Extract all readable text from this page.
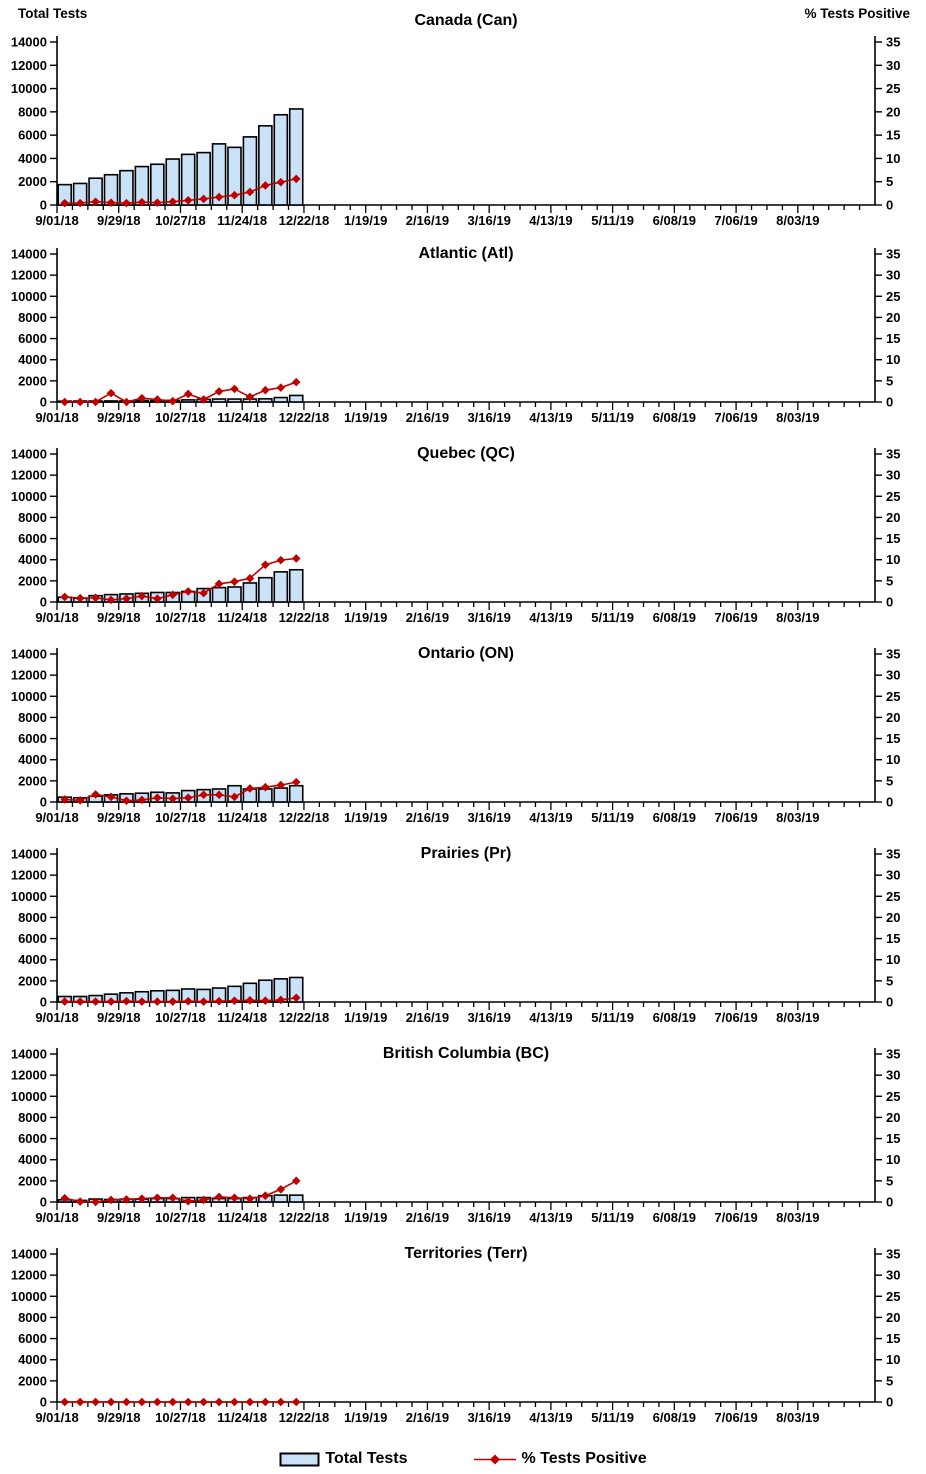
Canada (Can)
Total Tests	% Tests Positive
0
2000
4000
6000
8000
10000
12000
14000
0
5
10
15
20
25
30
35
9/01/18 9/29/18 10/27/18 11/24/18 12/22/18 1/19/19 2/16/19 3/16/19 4/13/19 5/11/19 6/08/19 7/06/19 8/03/19
Atlantic (Atl)
0
2000
4000
6000
8000
10000
12000
14000
0
5
10
15
20
25
30
35
9/01/18 9/29/18 10/27/18 11/24/18 12/22/18 1/19/19 2/16/19 3/16/19 4/13/19 5/11/19 6/08/19 7/06/19 8/03/19
Quebec (QC)
0
2000
4000
6000
8000
10000
12000
14000
0
5
10
15
20
25
30
35
9/01/18 9/29/18 10/27/18 11/24/18 12/22/18 1/19/19 2/16/19 3/16/19 4/13/19 5/11/19 6/08/19 7/06/19 8/03/19
Ontario (ON)
0
2000
4000
6000
8000
10000
12000
14000
0
5
10
15
20
25
30
35
9/01/18 9/29/18 10/27/18 11/24/18 12/22/18 1/19/19 2/16/19 3/16/19 4/13/19 5/11/19 6/08/19 7/06/19 8/03/19
Prairies (Pr)
0
2000
4000
6000
8000
10000
12000
14000
0
5
10
15
20
25
30
35
9/01/18 9/29/18 10/27/18 11/24/18 12/22/18 1/19/19 2/16/19 3/16/19 4/13/19 5/11/19 6/08/19 7/06/19 8/03/19
British Columbia (BC)
0
2000
4000
6000
8000
10000
12000
14000
0
5
10
15
20
25
30
35
9/01/18 9/29/18 10/27/18 11/24/18 12/22/18 1/19/19 2/16/19 3/16/19 4/13/19 5/11/19 6/08/19 7/06/19 8/03/19
Territories (Terr)
0
2000
4000
6000
8000
10000
12000
14000
0
5
10
15
20
25
30
35
9/01/18 9/29/18 10/27/18 11/24/18 12/22/18 1/19/19 2/16/19 3/16/19 4/13/19 5/11/19 6/08/19 7/06/19 8/03/19
Total Tests	% Tests Positive
